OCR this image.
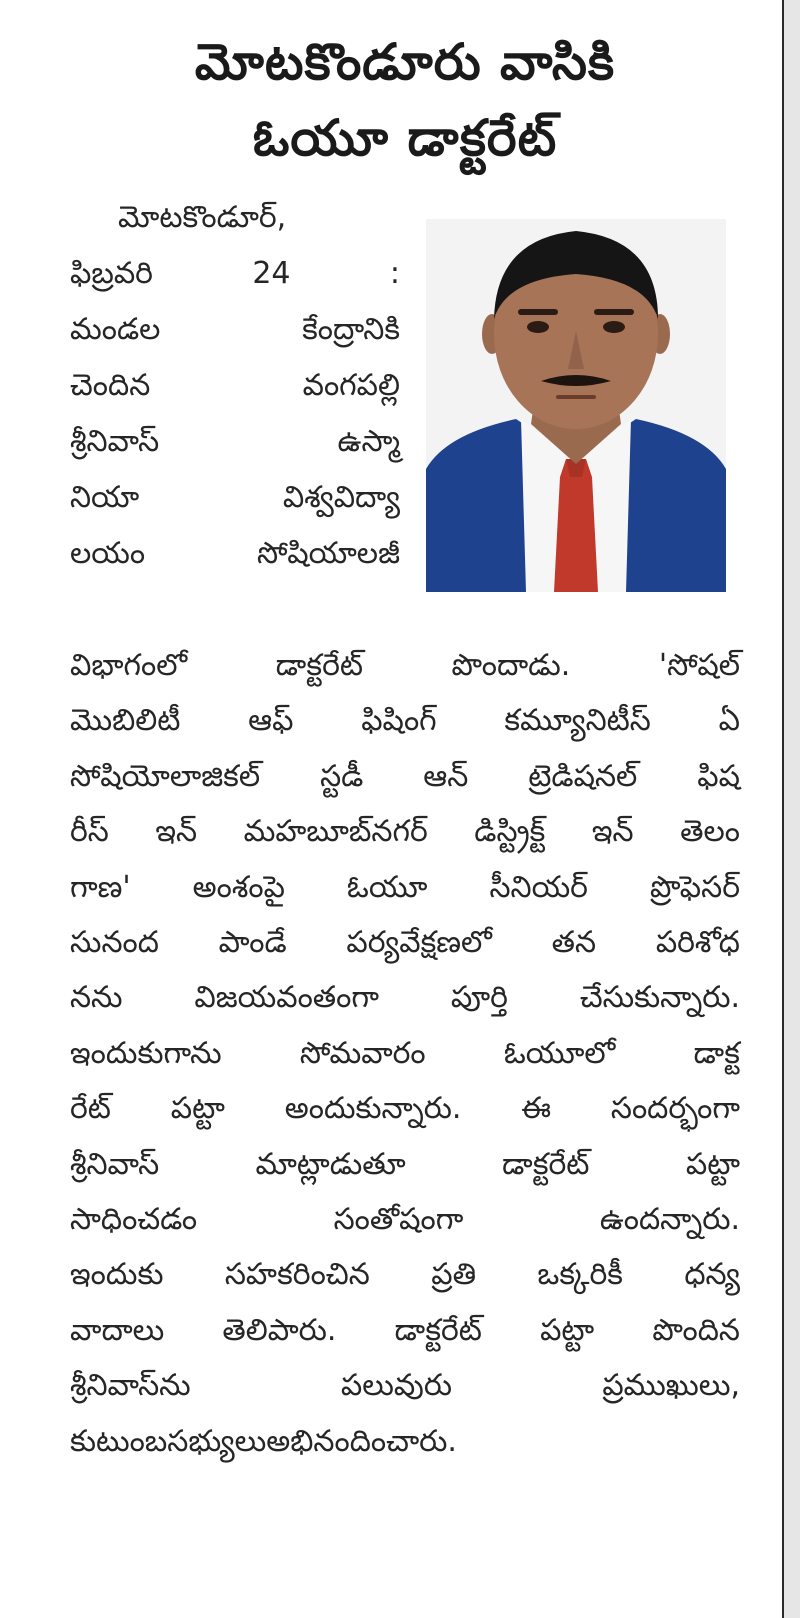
మోటకొండూరు వాసికి
ఓయూ డాక్టరేట్
మోటకొండూర్,
ఫిబ్రవరి	24	:
మండల	కేంద్రానికి
చెందిన	వంగపల్లి
శ్రీనివాస్	ఉస్మా
నియా	విశ్వవిద్యా
లయం	సోషియాలజీ
విభాగంలో	డాక్టరేట్	పొందాడు.	'సోషల్
మొబిలిటీ ఆఫ్ ఫిషింగ్ కమ్యూనిటీస్ ఏ
సోషియోలాజికల్ స్టడీ ఆన్ ట్రెడిషనల్ ఫిష
రీస్ ఇన్ మహబూబ్‌నగర్ డిస్ట్రిక్ట్ ఇన్ తెలం
గాణ' అంశంపై ఓయూ సీనియర్ ప్రొఫెసర్
సునంద పాండే పర్యవేక్షణలో తన పరిశోధ
నను విజయవంతంగా పూర్తి చేసుకున్నారు.
ఇందుకుగాను	సోమవారం	ఓయూలో	డాక్ట
రేట్ పట్టా అందుకున్నారు. ఈ సందర్భంగా
శ్రీనివాస్	మాట్లాడుతూ	డాక్టరేట్	పట్టా
సాధించడం	సంతోషంగా	ఉందన్నారు.
ఇందుకు సహకరించిన ప్రతి ఒక్కరికీ ధన్య
వాదాలు తెలిపారు. డాక్టరేట్ పట్టా పొందిన
శ్రీనివాస్‌ను	పలువురు	ప్రముఖులు,
కుటుంబ సభ్యులు అభినందించారు.
